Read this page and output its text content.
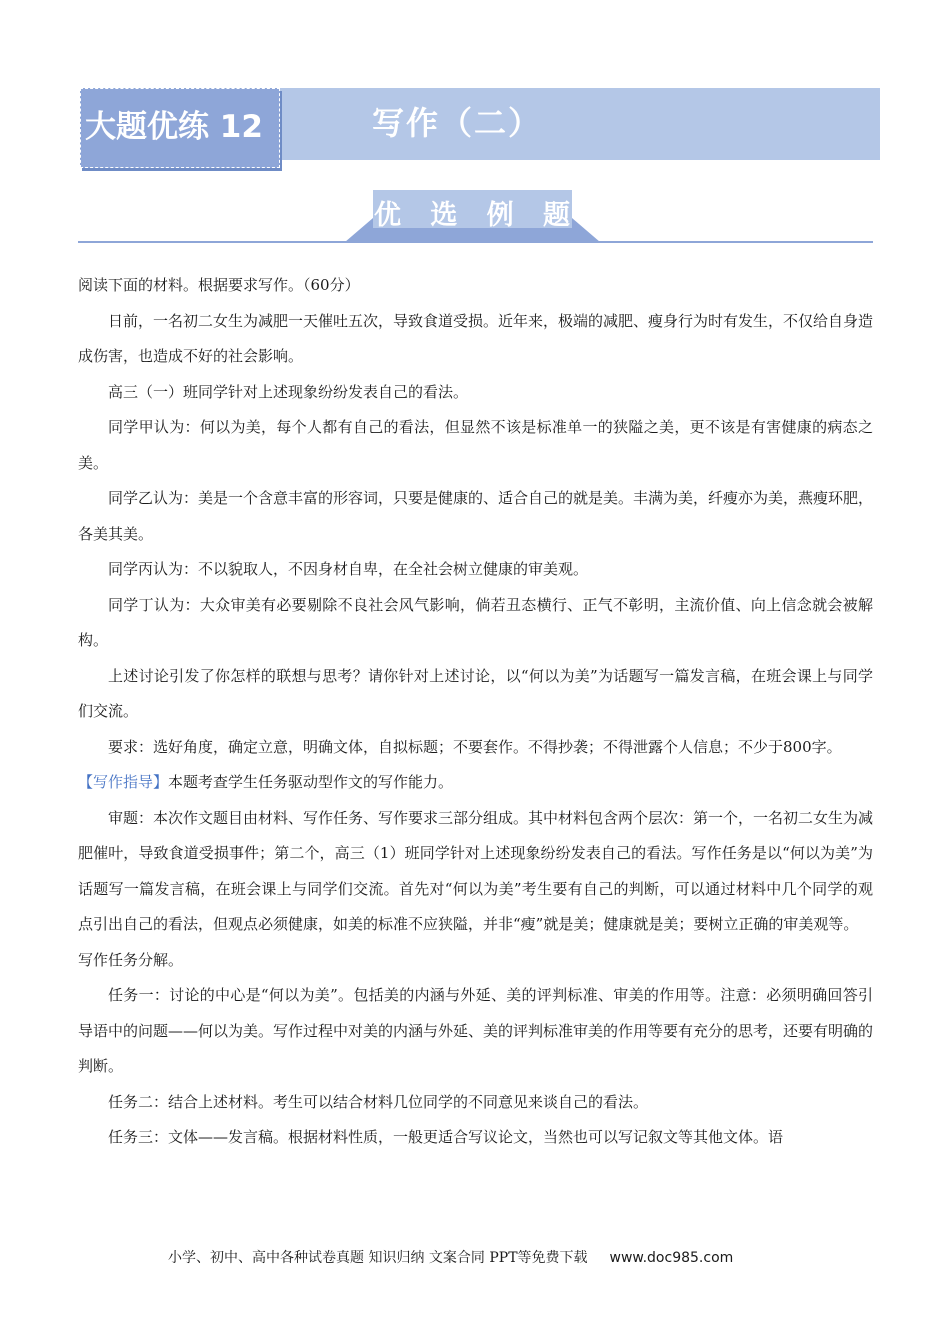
大题优练 12	写作（二）
优 选 例 题

阅读下面的材料。根据要求写作。（60分）

日前，一名初二女生为减肥一天催吐五次，导致食道受损。近年来，极端的减肥、瘦身行为时有发生，不仅给自身造成伤害，也造成不好的社会影响。

高三（一）班同学针对上述现象纷纷发表自己的看法。

同学甲认为：何以为美，每个人都有自己的看法，但显然不该是标准单一的狭隘之美，更不该是有害健康的病态之美。

同学乙认为：美是一个含意丰富的形容词，只要是健康的、适合自己的就是美。丰满为美，纤瘦亦为美，燕瘦环肥，各美其美。

同学丙认为：不以貌取人，不因身材自卑，在全社会树立健康的审美观。

同学丁认为：大众审美有必要剔除不良社会风气影响，倘若丑态横行、正气不彰明，主流价值、向上信念就会被解构。

上述讨论引发了你怎样的联想与思考？请你针对上述讨论，以“何以为美”为话题写一篇发言稿，在班会课上与同学们交流。

要求：选好角度，确定立意，明确文体，自拟标题；不要套作。不得抄袭；不得泄露个人信息；不少于800字。

【写作指导】本题考查学生任务驱动型作文的写作能力。

审题：本次作文题目由材料、写作任务、写作要求三部分组成。其中材料包含两个层次：第一个，一名初二女生为减肥催叶，导致食道受损事件；第二个，高三（1）班同学针对上述现象纷纷发表自己的看法。写作任务是以“何以为美”为话题写一篇发言稿，在班会课上与同学们交流。首先对“何以为美”考生要有自己的判断，可以通过材料中几个同学的观点引出自己的看法，但观点必须健康，如美的标准不应狭隘，并非“瘦”就是美；健康就是美；要树立正确的审美观等。

写作任务分解。

任务一：讨论的中心是“何以为美”。包括美的内涵与外延、美的评判标准、审美的作用等。注意：必须明确回答引导语中的问题——何以为美。写作过程中对美的内涵与外延、美的评判标准审美的作用等要有充分的思考，还要有明确的判断。

任务二：结合上述材料。考生可以结合材料几位同学的不同意见来谈自己的看法。

任务三：文体——发言稿。根据材料性质，一般更适合写议论文，当然也可以写记叙文等其他文体。语

小学、初中、高中各种试卷真题 知识归纳 文案合同 PPT等免费下载 www.doc985.com
